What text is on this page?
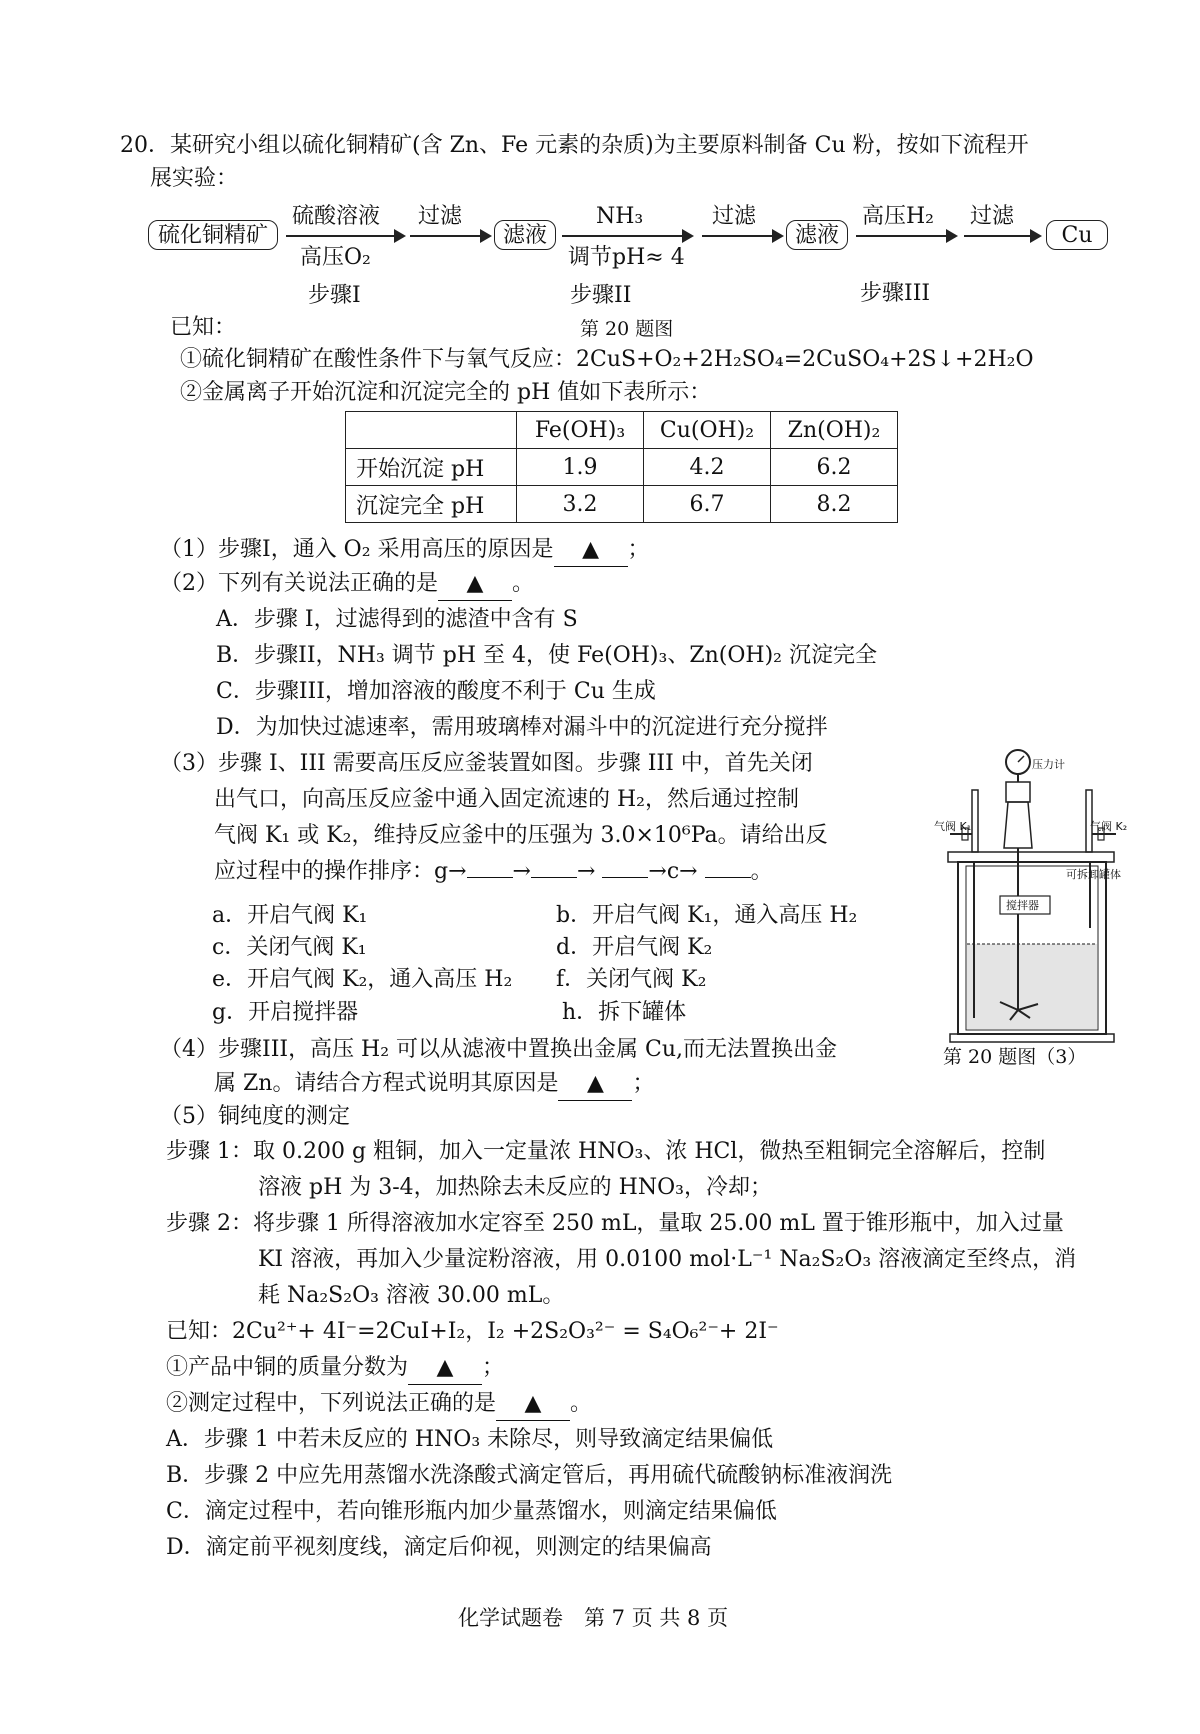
20．某研究小组以硫化铜精矿(含 Zn、Fe 元素的杂质)为主要原料制备 Cu 粉，按如下流程开
展实验：
硫化铜精矿
硫酸溶液
高压O₂
过滤
滤液
NH₃
调节pH≈ 4
过滤
滤液
高压H₂ 过滤
Cu
步骤I	步骤II	步骤III
第 20 题图
已知：
①硫化铜精矿在酸性条件下与氧气反应：2CuS+O₂+2H₂SO₄=2CuSO₄+2S↓+2H₂O
②金属离子开始沉淀和沉淀完全的 pH 值如下表所示：
	Fe(OH)₃	Cu(OH)₂	Zn(OH)₂
开始沉淀 pH	1.9	4.2	6.2
沉淀完全 pH	3.2	6.7	8.2
（1）步骤I，通入 O₂ 采用高压的原因是 ▲ ；
（2）下列有关说法正确的是 ▲ 。
A．步骤 I，过滤得到的滤渣中含有 S
B．步骤II，NH₃ 调节 pH 至 4，使 Fe(OH)₃、Zn(OH)₂ 沉淀完全
C．步骤III，增加溶液的酸度不利于 Cu 生成
D．为加快过滤速率，需用玻璃棒对漏斗中的沉淀进行充分搅拌
（3）步骤 I、III 需要高压反应釜装置如图。步骤 III 中，首先关闭
出气口，向高压反应釜中通入固定流速的 H₂，然后通过控制
气阀 K₁ 或 K₂，维持反应釜中的压强为 3.0×10⁶Pa。请给出反
应过程中的操作排序：g→ → → →c→ 。
a．开启气阀 K₁	b．开启气阀 K₁，通入高压 H₂
c．关闭气阀 K₁	d．开启气阀 K₂
e．开启气阀 K₂，通入高压 H₂ f．关闭气阀 K₂
g．开启搅拌器	h．拆下罐体
压力计
气阀 K₁	气阀 K₂
可拆卸罐体
搅拌器
第 20 题图（3）
（4）步骤III，高压 H₂ 可以从滤液中置换出金属 Cu,而无法置换出金
属 Zn。请结合方程式说明其原因是 ▲ ；
（5）铜纯度的测定
步骤 1：取 0.200 g 粗铜，加入一定量浓 HNO₃、浓 HCl，微热至粗铜完全溶解后，控制
溶液 pH 为 3-4，加热除去未反应的 HNO₃，冷却；
步骤 2：将步骤 1 所得溶液加水定容至 250 mL，量取 25.00 mL 置于锥形瓶中，加入过量
KI 溶液，再加入少量淀粉溶液，用 0.0100 mol·L⁻¹ Na₂S₂O₃ 溶液滴定至终点，消
耗 Na₂S₂O₃ 溶液 30.00 mL。
已知：2Cu²⁺+ 4I⁻=2CuI+I₂，I₂ +2S₂O₃²⁻ = S₄O₆²⁻+ 2I⁻
①产品中铜的质量分数为 ▲ ；
②测定过程中，下列说法正确的是 ▲ 。
A．步骤 1 中若未反应的 HNO₃ 未除尽，则导致滴定结果偏低
B．步骤 2 中应先用蒸馏水洗涤酸式滴定管后，再用硫代硫酸钠标准液润洗
C．滴定过程中，若向锥形瓶内加少量蒸馏水，则滴定结果偏低
D．滴定前平视刻度线，滴定后仰视，则测定的结果偏高
化学试题卷　第 7 页 共 8 页
